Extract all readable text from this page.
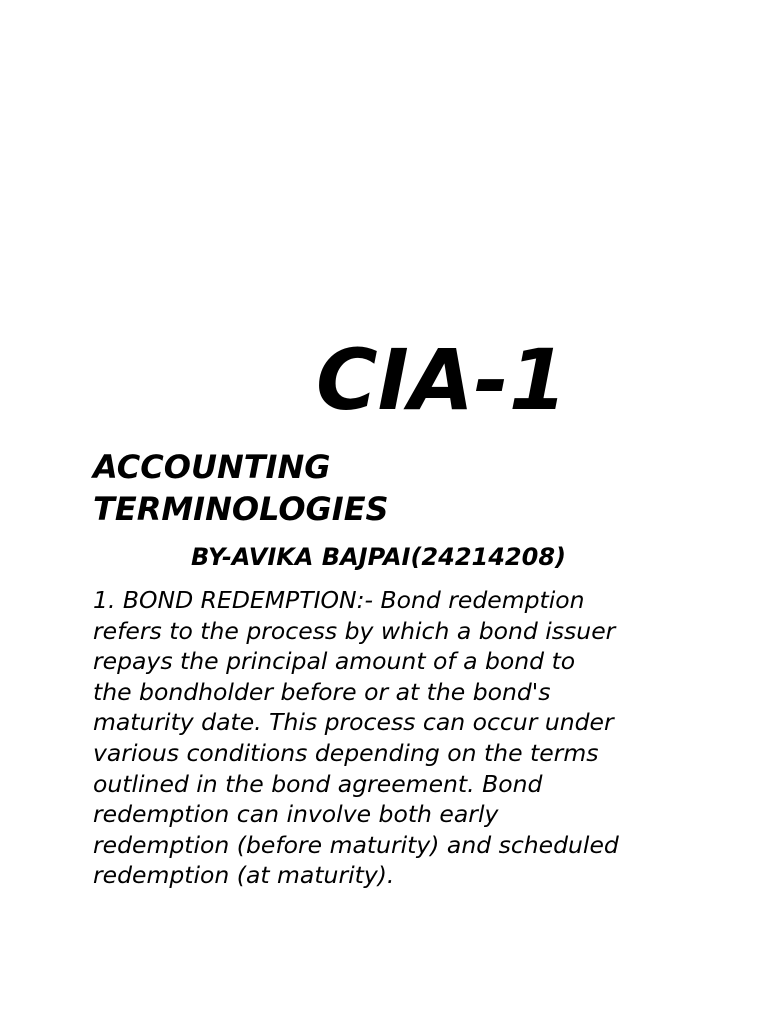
CIA-1
ACCOUNTING
TERMINOLOGIES

BY-AVIKA BAJPAI(24214208)

1. BOND REDEMPTION:- Bond redemption
refers to the process by which a bond issuer
repays the principal amount of a bond to
the bondholder before or at the bond's
maturity date. This process can occur under
various conditions depending on the terms
outlined in the bond agreement. Bond
redemption can involve both early
redemption (before maturity) and scheduled
redemption (at maturity).
